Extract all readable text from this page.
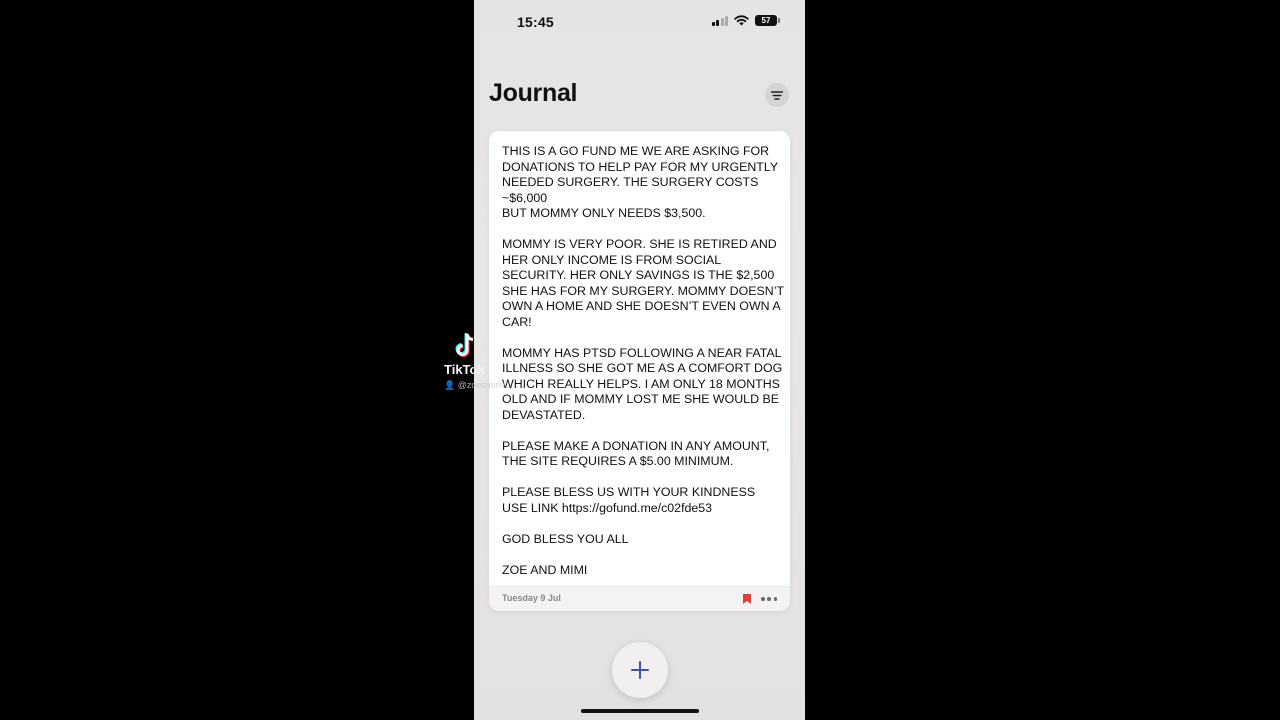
15:45	57
Journal

THIS IS A GO FUND ME WE ARE ASKING FOR DONATIONS TO HELP PAY FOR MY URGENTLY NEEDED SURGERY. THE SURGERY COSTS ~$6,000
BUT MOMMY ONLY NEEDS $3,500.

MOMMY IS VERY POOR. SHE IS RETIRED AND HER ONLY INCOME IS FROM SOCIAL SECURITY. HER ONLY SAVINGS IS THE $2,500 SHE HAS FOR MY SURGERY. MOMMY DOESN’T OWN A HOME AND SHE DOESN’T EVEN OWN A CAR!

MOMMY HAS PTSD FOLLOWING A NEAR FATAL ILLNESS SO SHE GOT ME AS A COMFORT DOG WHICH REALLY HELPS. I AM ONLY 18 MONTHS OLD AND IF MOMMY LOST ME SHE WOULD BE DEVASTATED.

PLEASE MAKE A DONATION IN ANY AMOUNT, THE SITE REQUIRES A $5.00 MINIMUM.

PLEASE BLESS US WITH YOUR KINDNESS USE LINK https://gofund.me/c02fde53

GOD BLESS YOU ALL

ZOE AND MIMI

Tuesday 9 Jul
TikTok
👤 @zoesmimi
